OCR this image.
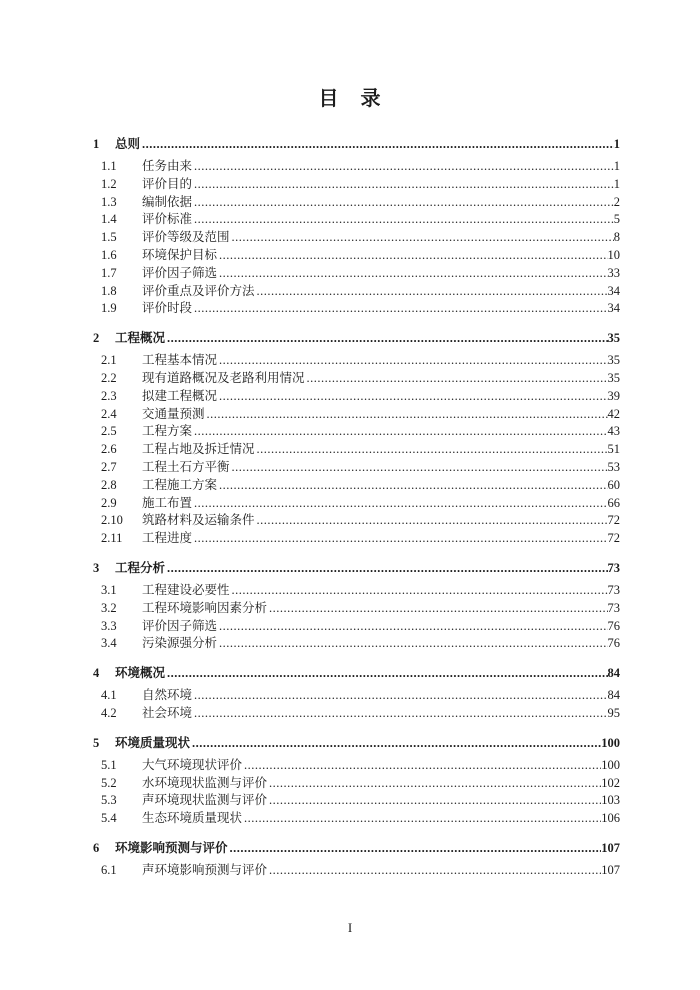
目　录
1	总则 .....	1
1.1	任务由来 .....	1
1.2	评价目的 .....	1
1.3	编制依据 .....	2
1.4	评价标准 .....	5
1.5	评价等级及范围 .....	8
1.6	环境保护目标 .....	10
1.7	评价因子筛选 .....	33
1.8	评价重点及评价方法 .....	34
1.9	评价时段 .....	34
2	工程概况 .....	35
2.1	工程基本情况 .....	35
2.2	现有道路概况及老路利用情况 .....	35
2.3	拟建工程概况 .....	39
2.4	交通量预测 .....	42
2.5	工程方案 .....	43
2.6	工程占地及拆迁情况 .....	51
2.7	工程土石方平衡 .....	53
2.8	工程施工方案 .....	60
2.9	施工布置 .....	66
2.10	筑路材料及运输条件 .....	72
2.11	工程进度 .....	72
3	工程分析 .....	73
3.1	工程建设必要性 .....	73
3.2	工程环境影响因素分析 .....	73
3.3	评价因子筛选 .....	76
3.4	污染源强分析 .....	76
4	环境概况 .....	84
4.1	自然环境 .....	84
4.2	社会环境 .....	95
5	环境质量现状 .....	100
5.1	大气环境现状评价 .....	100
5.2	水环境现状监测与评价 .....	102
5.3	声环境现状监测与评价 .....	103
5.4	生态环境质量现状 .....	106
6	环境影响预测与评价 .....	107
6.1	声环境影响预测与评价 .....	107
I
